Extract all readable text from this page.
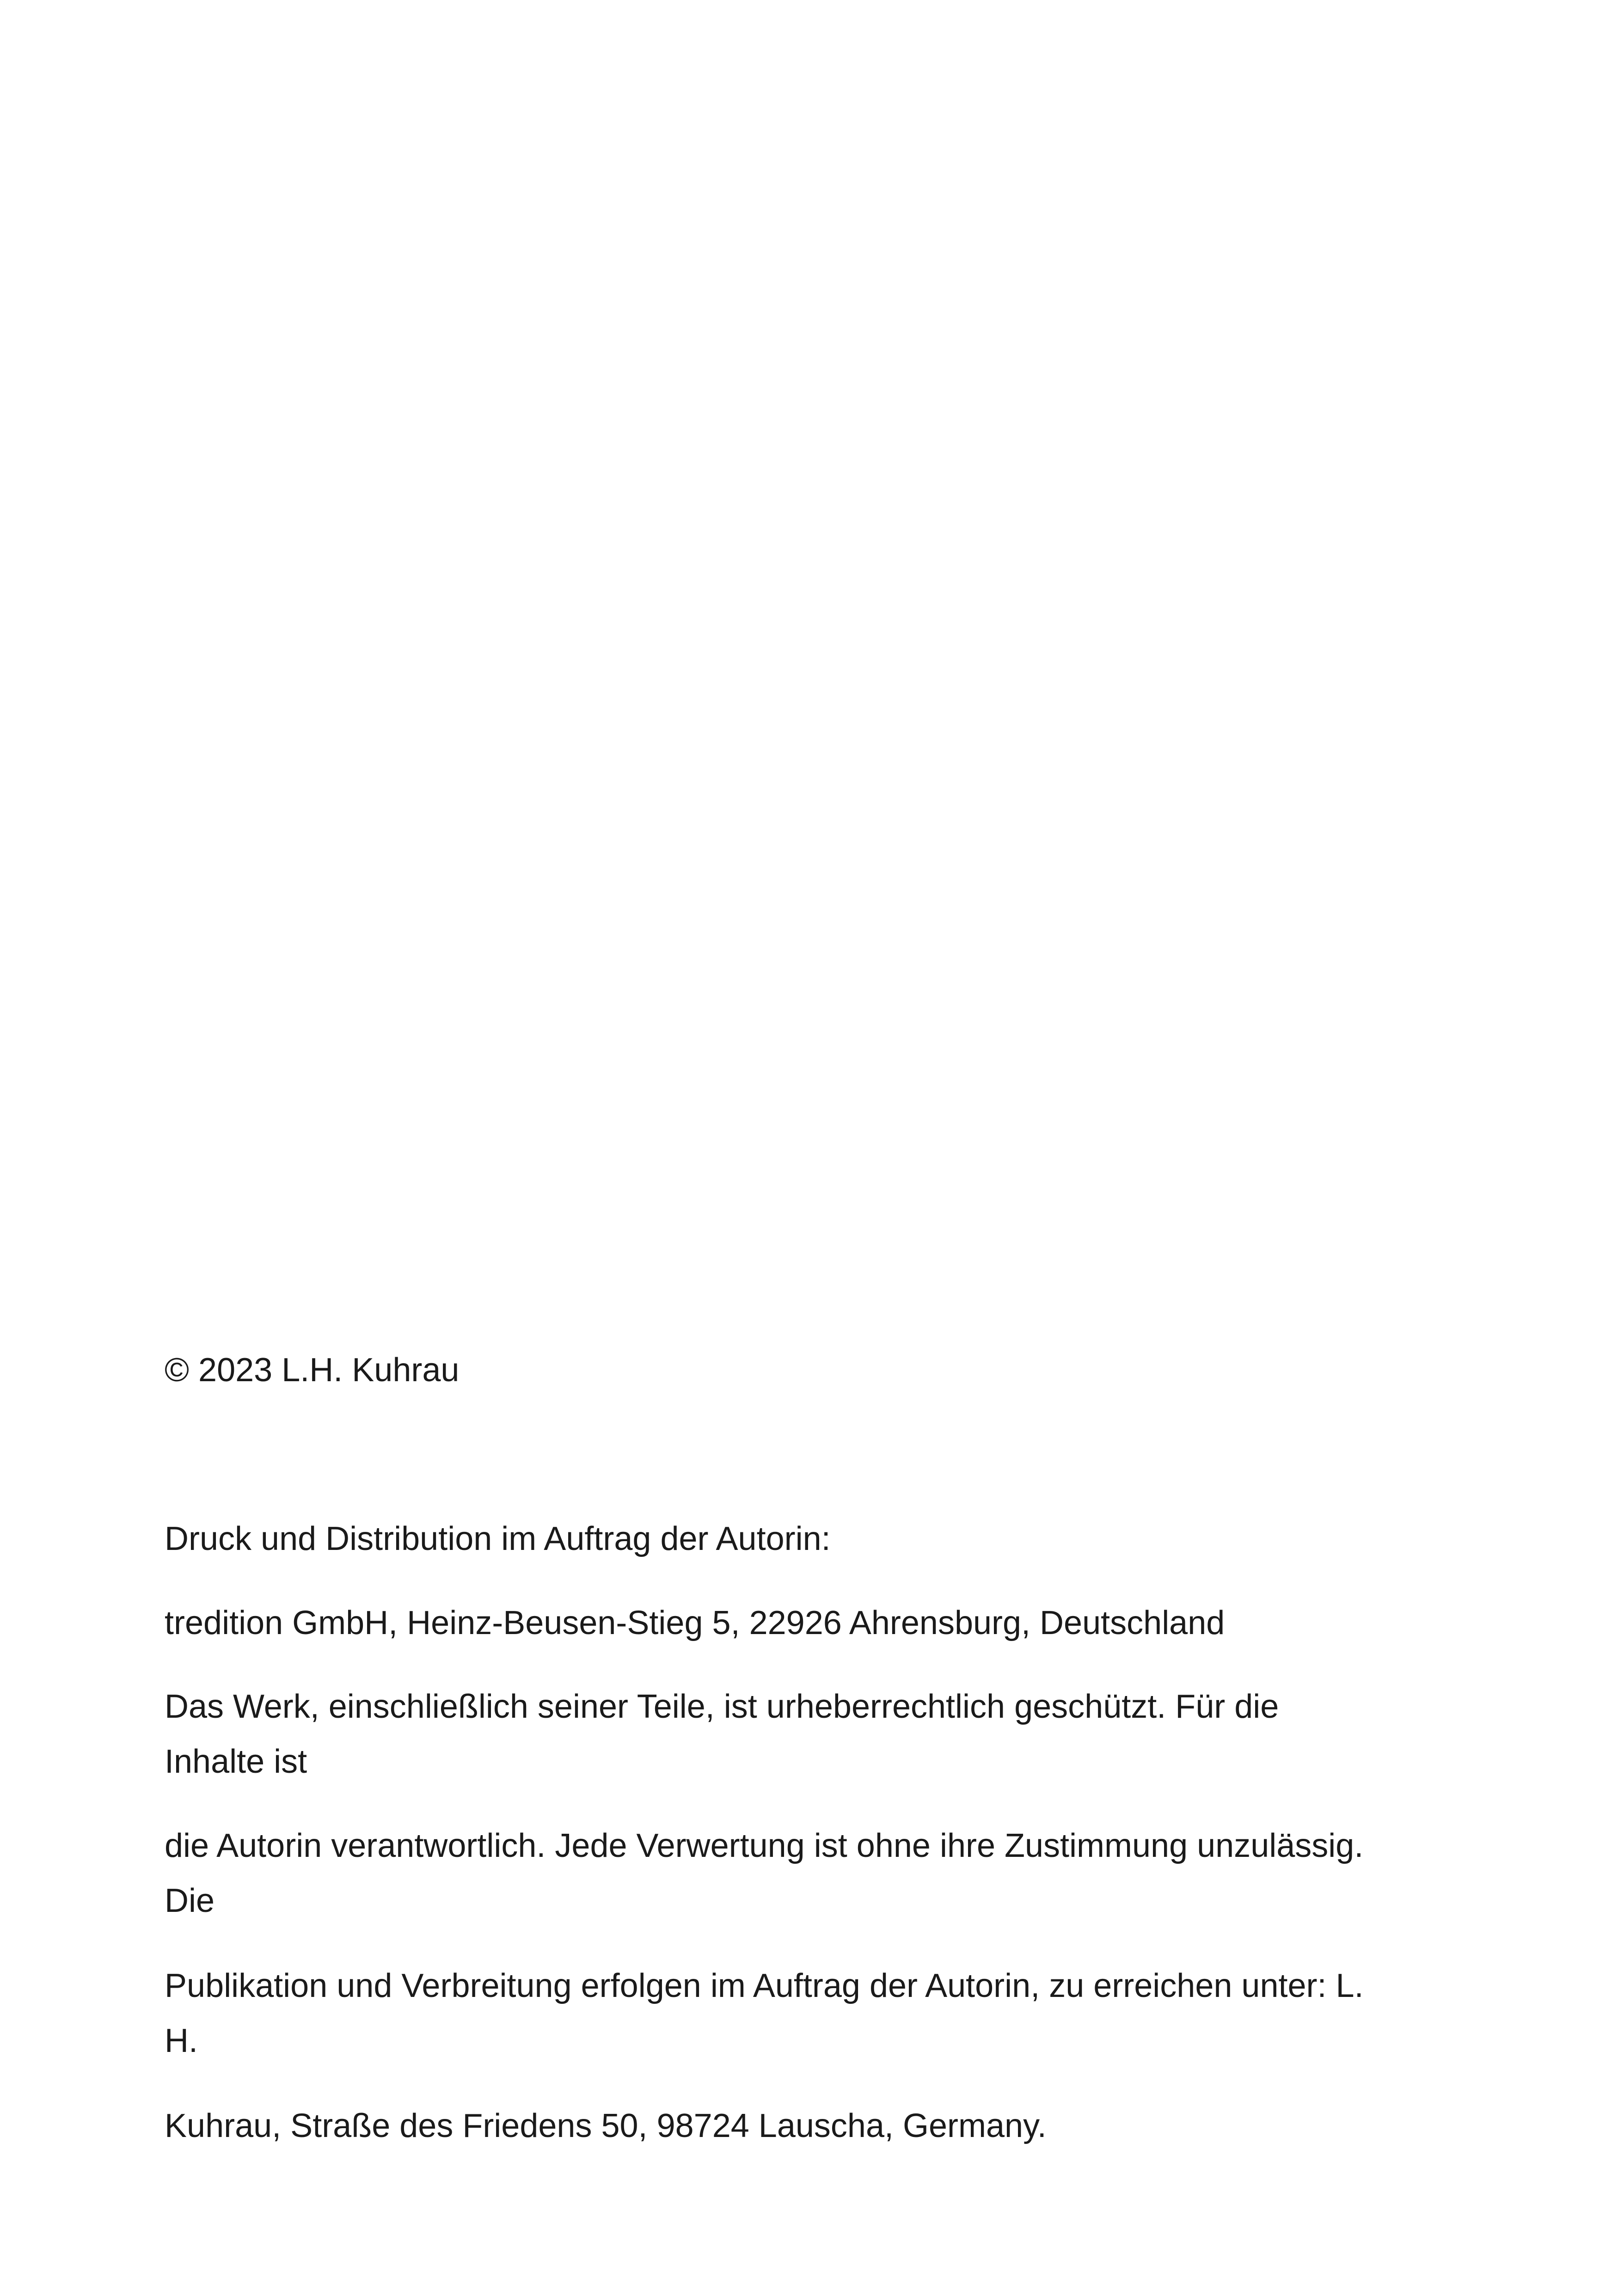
© 2023 L.H. Kuhrau
Druck und Distribution im Auftrag der Autorin:
tredition GmbH, Heinz-Beusen-Stieg 5, 22926 Ahrensburg, Deutschland
Das Werk, einschließlich seiner Teile, ist urheberrechtlich geschützt. Für die
Inhalte ist
die Autorin verantwortlich. Jede Verwertung ist ohne ihre Zustimmung unzulässig.
Die
Publikation und Verbreitung erfolgen im Auftrag der Autorin, zu erreichen unter: L.
H.
Kuhrau, Straße des Friedens 50, 98724 Lauscha, Germany.
